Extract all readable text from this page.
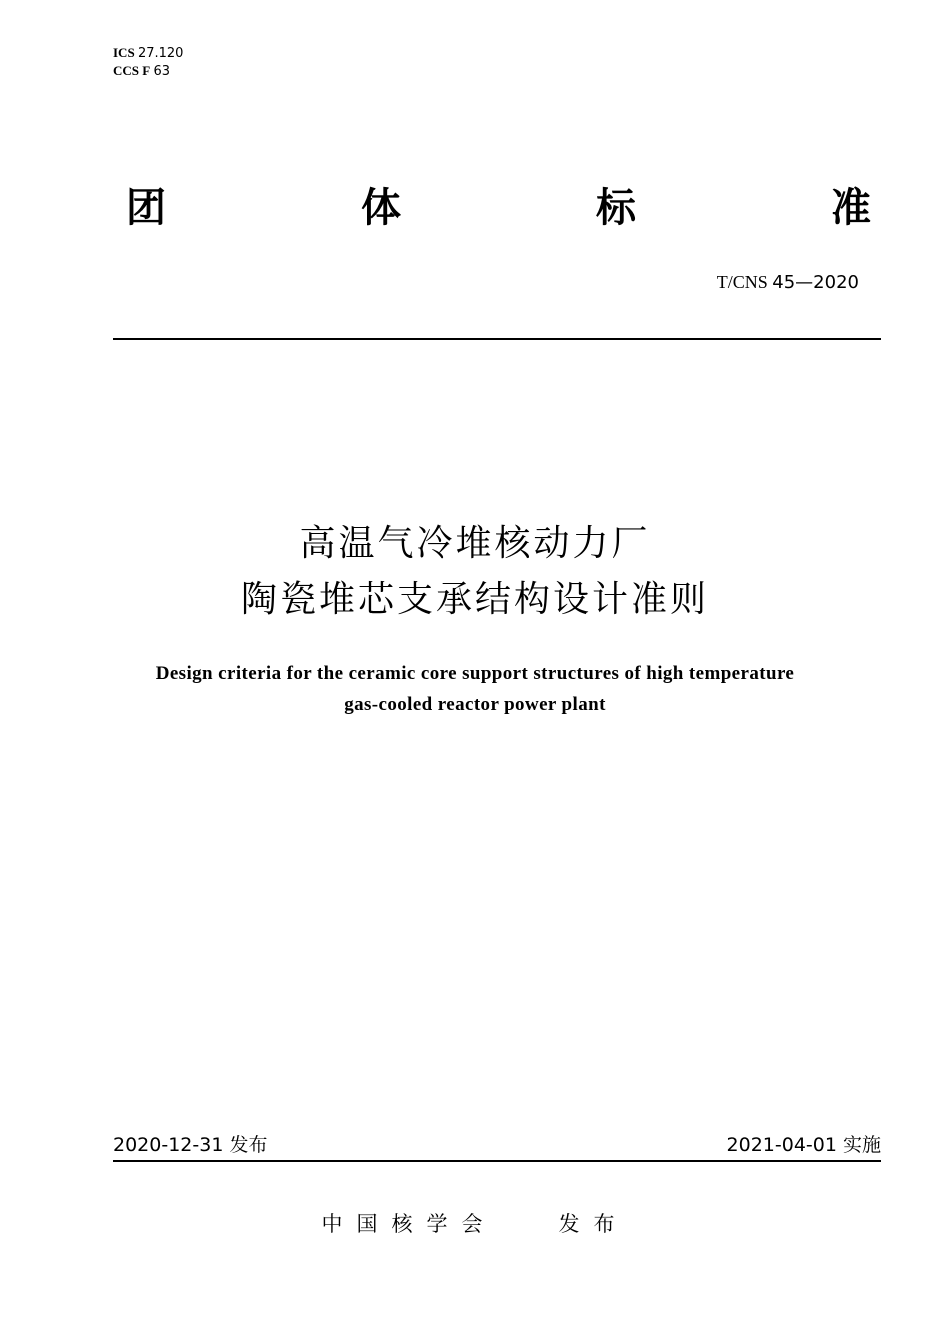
ICS 27.120
CCS F 63
团	体	标	准
T/CNS 45—2020
高温气冷堆核动力厂
陶瓷堆芯支承结构设计准则
Design criteria for the ceramic core support structures of high temperature
gas-cooled reactor power plant
2020-12-31 发布	2021-04-01 实施
中国核学会   发布
